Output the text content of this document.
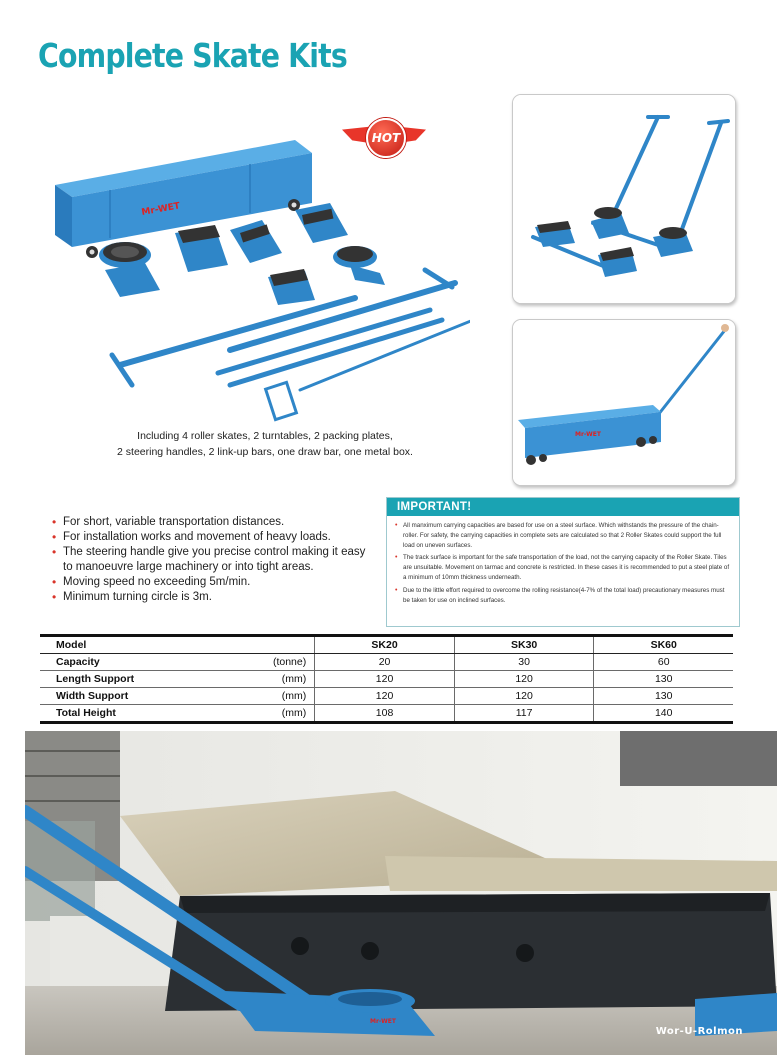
Complete Skate Kits
HOT
Mr-WET
Including 4 roller skates, 2 turntables, 2 packing plates,
2 steering handles, 2 link-up bars, one draw bar, one metal box.
Mr-WET
• For short, variable transportation distances.
• For installation works and movement of heavy loads.
• The steering handle give you precise control making it easy to manoeuvre large machinery or into tight areas.
• Moving speed no exceeding 5m/min.
• Minimum turning circle is 3m.
IMPORTANT!
• All manximum carrying capacities are based for use on a steel surface. Which withstands the pressure of the chain-roller. For safety, the carrying capacities in complete sets are calculated so that 2 Roller Skates could support the full load on uneven surfaces.
• The track surface is important for the safe transportation of the load, not the carrying capacity of the Roller Skate. Tiles are unsuitable. Movement on tarmac and concrete is restricted. In these cases it is recommended to put a steel plate of a minimum of 10mm thickness underneath.
• Due to the little effort required to overcome the rolling resistance(4-7% of the total load) precautionary measures must be taken for use on inclined surfaces.
Model		SK20	SK30	SK60
Capacity	(tonne)	20	30	60
Length Support	(mm)	120	120	130
Width Support	(mm)	120	120	130
Total Height	(mm)	108	117	140
Mr-WET
Wor-U-Rolmon
